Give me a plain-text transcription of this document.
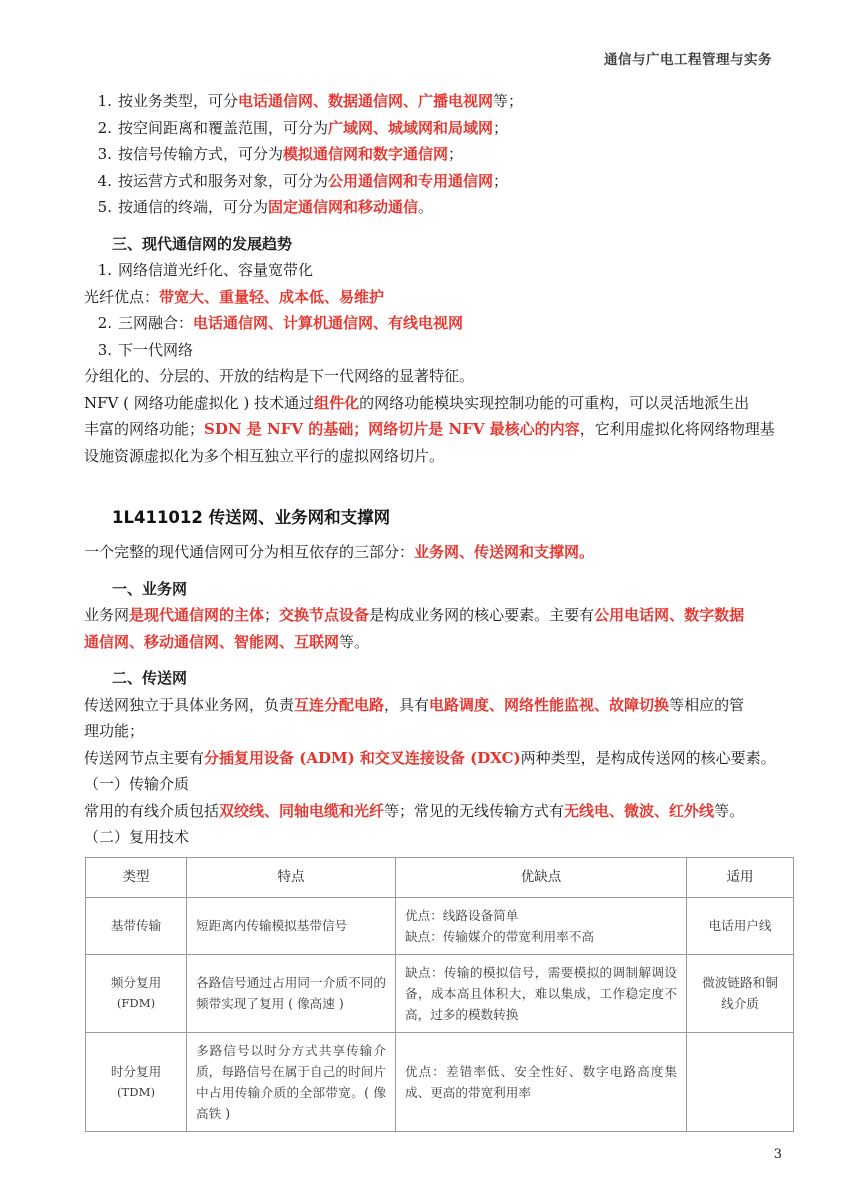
通信与广电工程管理与实务
按业务类型，可分电话通信网、数据通信网、广播电视网等；
按空间距离和覆盖范围，可分为广域网、城域网和局域网；
按信号传输方式，可分为模拟通信网和数字通信网；
按运营方式和服务对象，可分为公用通信网和专用通信网；
按通信的终端，可分为固定通信网和移动通信。
三、现代通信网的发展趋势
1. 网络信道光纤化、容量宽带化

光纤优点：带宽大、重量轻、成本低、易维护

2. 三网融合：电话通信网、计算机通信网、有线电视网
3. 下一代网络

分组化的、分层的、开放的结构是下一代网络的显著特征。

NFV ( 网络功能虚拟化 ) 技术通过组件化的网络功能模块实现控制功能的可重构，可以灵活地派生出

丰富的网络功能；SDN 是 NFV 的基础；网络切片是 NFV 最核心的内容，它利用虚拟化将网络物理基

设施资源虚拟化为多个相互独立平行的虚拟网络切片。

1L411012 传送网、业务网和支撑网

一个完整的现代通信网可分为相互依存的三部分：业务网、传送网和支撑网。

一、业务网

业务网是现代通信网的主体；交换节点设备是构成业务网的核心要素。主要有公用电话网、数字数据

通信网、移动通信网、智能网、互联网等。

二、传送网

传送网独立于具体业务网，负责互连分配电路，具有电路调度、网络性能监视、故障切换等相应的管

理功能；

传送网节点主要有分插复用设备 (ADM) 和交叉连接设备 (DXC)两种类型，是构成传送网的核心要素。

（一）传输介质

常用的有线介质包括双绞线、同轴电缆和光纤等；常见的无线传输方式有无线电、微波、红外线等。

（二）复用技术

类型	特点	优缺点	适用
基带传输	短距离内传输模拟基带信号	优点：线路设备简单
缺点：传输媒介的带宽利用率不高	电话用户线
频分复用
(FDM)	各路信号通过占用同一介质不同的频带实现了复用 ( 像高速 )	缺点：传输的模拟信号，需要模拟的调制解调设备，成本高且体积大，难以集成，工作稳定度不高，过多的模数转换	微波链路和铜线介质
时分复用
(TDM)	多路信号以时分方式共享传输介质，每路信号在属于自己的时间片中占用传输介质的全部带宽。( 像高铁 )	优点：差错率低、安全性好、数字电路高度集成、更高的带宽利用率	
3
